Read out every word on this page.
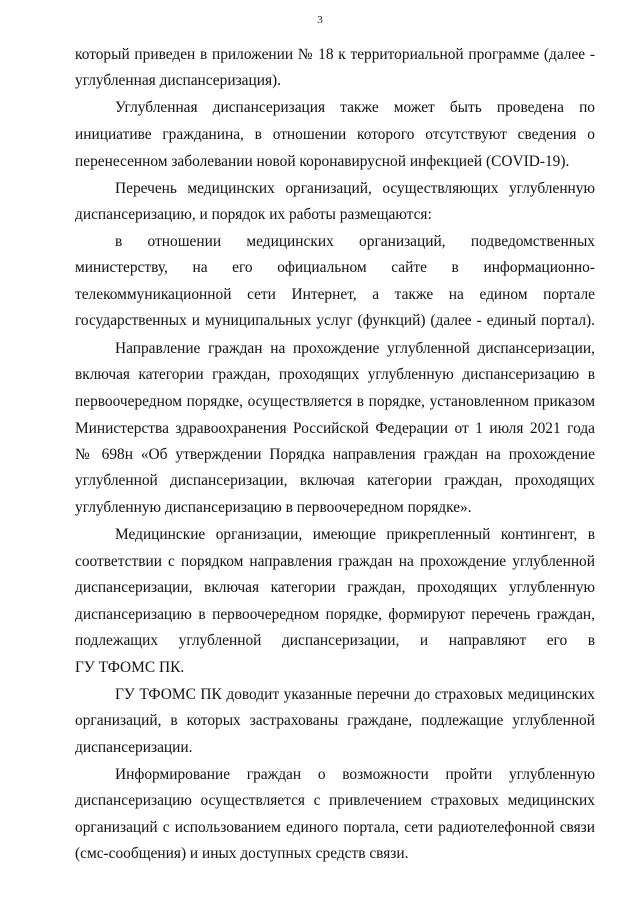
3
который приведен в приложении № 18 к территориальной программе (далее -
углубленная диспансеризация).
Углубленная диспансеризация также может быть проведена по
инициативе гражданина, в отношении которого отсутствуют сведения о
перенесенном заболевании новой коронавирусной инфекцией (COVID-19).
Перечень медицинских организаций, осуществляющих углубленную
диспансеризацию, и порядок их работы размещаются:
в отношении медицинских организаций, подведомственных
министерству, на его официальном сайте в информационно-
телекоммуникационной сети Интернет, а также на едином портале
государственных и муниципальных услуг (функций) (далее - единый портал).
Направление граждан на прохождение углубленной диспансеризации,
включая категории граждан, проходящих углубленную диспансеризацию в
первоочередном порядке, осуществляется в порядке, установленном приказом
Министерства здравоохранения Российской Федерации от 1 июля 2021 года
№ 698н «Об утверждении Порядка направления граждан на прохождение
углубленной диспансеризации, включая категории граждан, проходящих
углубленную диспансеризацию в первоочередном порядке».
Медицинские организации, имеющие прикрепленный контингент, в
соответствии с порядком направления граждан на прохождение углубленной
диспансеризации, включая категории граждан, проходящих углубленную
диспансеризацию в первоочередном порядке, формируют перечень граждан,
подлежащих углубленной диспансеризации, и направляют его в
ГУ ТФОМС ПК.
ГУ ТФОМС ПК доводит указанные перечни до страховых медицинских
организаций, в которых застрахованы граждане, подлежащие углубленной
диспансеризации.
Информирование граждан о возможности пройти углубленную
диспансеризацию осуществляется с привлечением страховых медицинских
организаций с использованием единого портала, сети радиотелефонной связи
(смс-сообщения) и иных доступных средств связи.
